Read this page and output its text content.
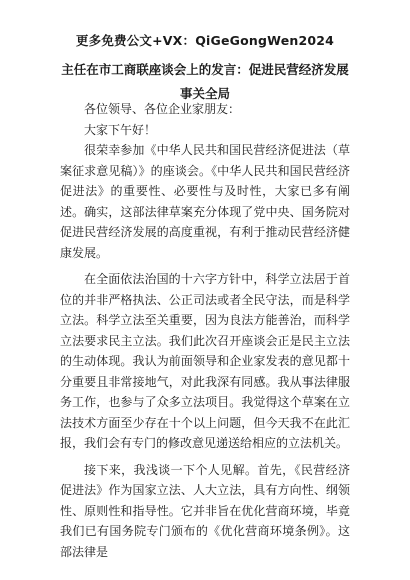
更多免费公文+VX：QiGeGongWen2024
主任在市工商联座谈会上的发言：促进民营经济发展事关全局

各位领导、各位企业家朋友：

大家下午好！

很荣幸参加《中华人民共和国民营经济促进法（草案征求意见稿）》的座谈会。《中华人民共和国民营经济促进法》的重要性、必要性与及时性，大家已多有阐述。确实，这部法律草案充分体现了党中央、国务院对促进民营经济发展的高度重视，有利于推动民营经济健康发展。

在全面依法治国的十六字方针中，科学立法居于首位的并非严格执法、公正司法或者全民守法，而是科学立法。科学立法至关重要，因为良法方能善治，而科学立法要求民主立法。我们此次召开座谈会正是民主立法的生动体现。我认为前面领导和企业家发表的意见都十分重要且非常接地气，对此我深有同感。我从事法律服务工作，也参与了众多立法项目。我觉得这个草案在立法技术方面至少存在十个以上问题，但今天我不在此汇报，我们会有专门的修改意见递送给相应的立法机关。

接下来，我浅谈一下个人见解。首先，《民营经济促进法》作为国家立法、人大立法，具有方向性、纲领性、原则性和指导性。它并非旨在优化营商环境，毕竟我们已有国务院专门颁布的《优化营商环境条例》。这部法律是
